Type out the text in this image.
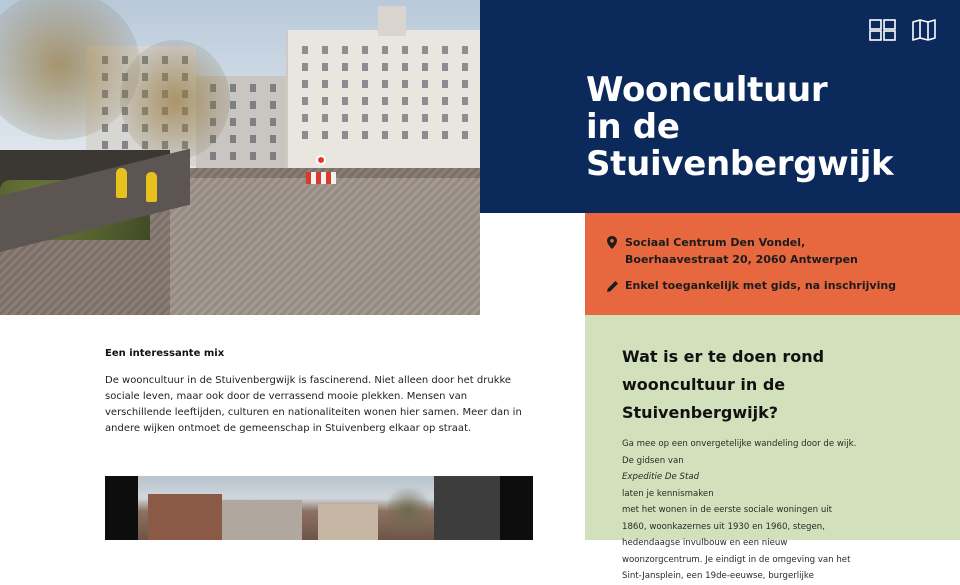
Wooncultuur
in de
Stuivenbergwijk
Sociaal Centrum Den Vondel,
Boerhaavestraat 20, 2060 Antwerpen
Enkel toegankelijk met gids, na inschrijving
Een interessante mix

De wooncultuur in de Stuivenbergwijk is fascinerend. Niet alleen door het drukke sociale leven, maar ook door de verrassend mooie plekken. Mensen van verschillende leeftijden, culturen en nationaliteiten wonen hier samen. Meer dan in andere wijken ontmoet de gemeenschap in Stuivenberg elkaar op straat.

Wat is er te doen rond
wooncultuur in de
Stuivenbergwijk?
Ga mee op een onvergetelijke wandeling door de wijk.
De gidsen van
Expeditie De Stad
laten je kennismaken
met het wonen in de eerste sociale woningen uit
1860, woonkazernes uit 1930 en 1960, stegen,
hedendaagse invulbouw en een nieuw
woonzorgcentrum. Je eindigt in de omgeving van het
Sint-Jansplein, een 19de-eeuwse, burgerlijke
